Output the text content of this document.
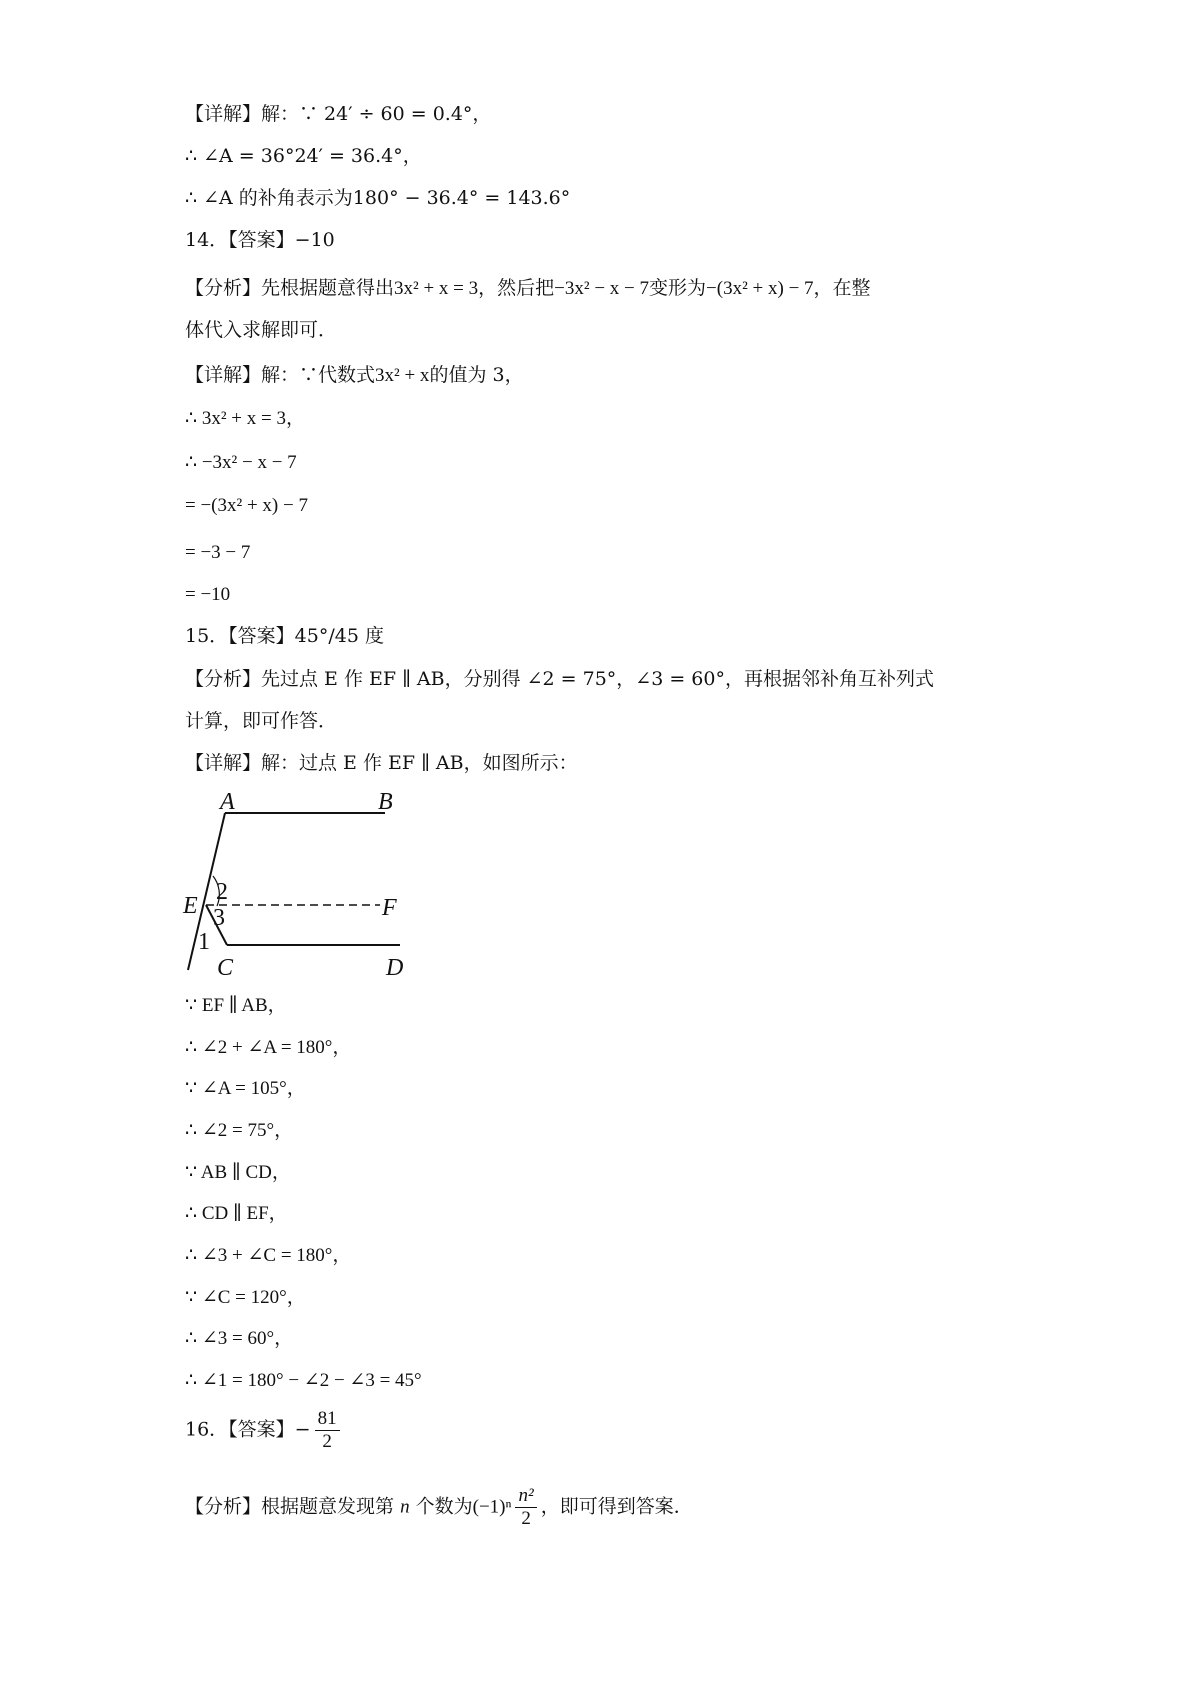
【详解】解：∵ 24′ ÷ 60 = 0.4°，
∴ ∠A = 36°24′ = 36.4°，
∴ ∠A 的补角表示为180° − 36.4° = 143.6°
14．【答案】−10
【分析】先根据题意得出3x² + x = 3，然后把−3x² − x − 7变形为−(3x² + x) − 7，在整
体代入求解即可．
【详解】解：∵代数式3x² + x的值为 3，
∴ 3x² + x = 3，
∴ −3x² − x − 7
= −(3x² + x) − 7
= −3 − 7
= −10
15．【答案】45°/45 度
【分析】先过点 E 作 EF ∥ AB，分别得 ∠2 = 75°，∠3 = 60°，再根据邻补角互补列式
计算，即可作答．
【详解】解：过点 E 作 EF ∥ AB，如图所示：
A	B
E	F
C	D
2
3
1
∵ EF ∥ AB，
∴ ∠2 + ∠A = 180°，
∵ ∠A = 105°，
∴ ∠2 = 75°，
∵ AB ∥ CD，
∴ CD ∥ EF，
∴ ∠3 + ∠C = 180°，
∵ ∠C = 120°，
∴ ∠3 = 60°，
∴ ∠1 = 180° − ∠2 − ∠3 = 45°
16．【答案】− $\frac{81}{2}$
【分析】根据题意发现第 n 个数为$(-1)^n \frac{\text{n²}}{2}$ ，即可得到答案．
